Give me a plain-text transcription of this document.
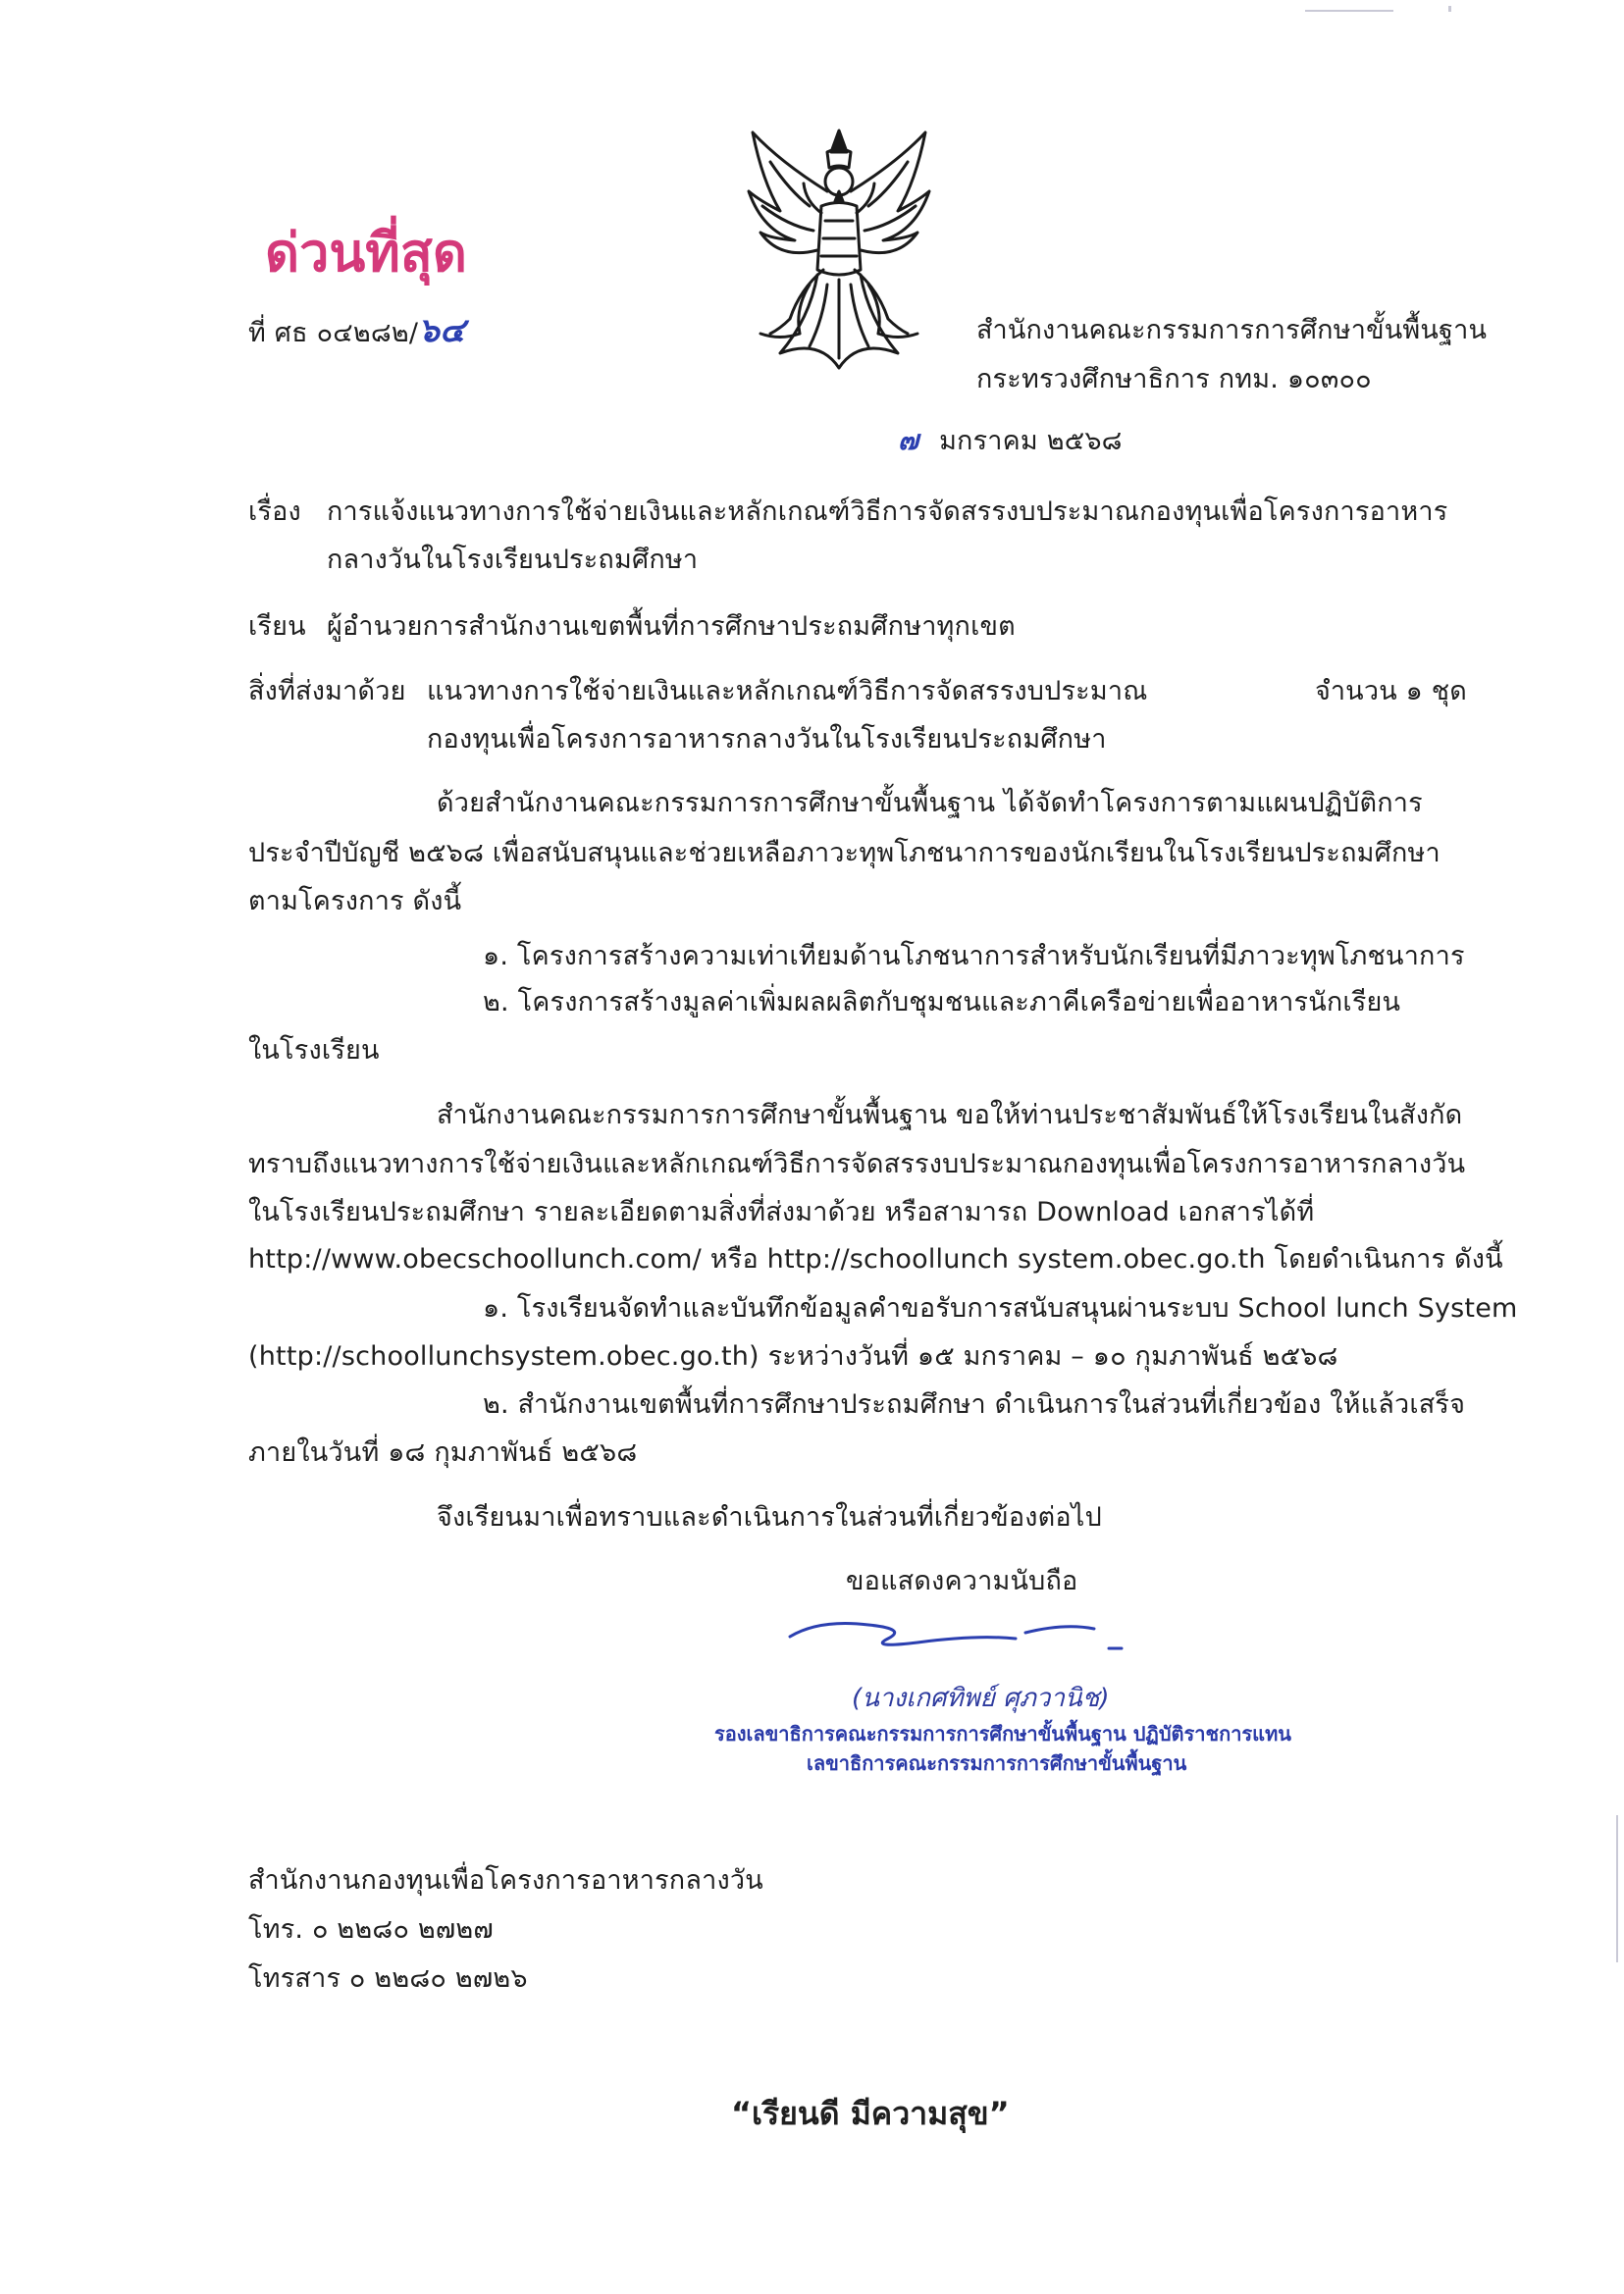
ด่วนที่สุด
ที่ ศธ ๐๔๒๘๒/๖๔	สำนักงานคณะกรรมการการศึกษาขั้นพื้นฐาน
กระทรวงศึกษาธิการ กทม. ๑๐๓๐๐
๗ มกราคม ๒๕๖๘
เรื่อง การแจ้งแนวทางการใช้จ่ายเงินและหลักเกณฑ์วิธีการจัดสรรงบประมาณกองทุนเพื่อโครงการอาหาร
กลางวันในโรงเรียนประถมศึกษา
เรียน ผู้อำนวยการสำนักงานเขตพื้นที่การศึกษาประถมศึกษาทุกเขต
สิ่งที่ส่งมาด้วย แนวทางการใช้จ่ายเงินและหลักเกณฑ์วิธีการจัดสรรงบประมาณ	จำนวน ๑ ชุด
กองทุนเพื่อโครงการอาหารกลางวันในโรงเรียนประถมศึกษา
ด้วยสำนักงานคณะกรรมการการศึกษาขั้นพื้นฐาน ได้จัดทำโครงการตามแผนปฏิบัติการ
ประจำปีบัญชี ๒๕๖๘ เพื่อสนับสนุนและช่วยเหลือภาวะทุพโภชนาการของนักเรียนในโรงเรียนประถมศึกษา
ตามโครงการ ดังนี้
๑. โครงการสร้างความเท่าเทียมด้านโภชนาการสำหรับนักเรียนที่มีภาวะทุพโภชนาการ
๒. โครงการสร้างมูลค่าเพิ่มผลผลิตกับชุมชนและภาคีเครือข่ายเพื่ออาหารนักเรียน
ในโรงเรียน
สำนักงานคณะกรรมการการศึกษาขั้นพื้นฐาน ขอให้ท่านประชาสัมพันธ์ให้โรงเรียนในสังกัด
ทราบถึงแนวทางการใช้จ่ายเงินและหลักเกณฑ์วิธีการจัดสรรงบประมาณกองทุนเพื่อโครงการอาหารกลางวัน
ในโรงเรียนประถมศึกษา รายละเอียดตามสิ่งที่ส่งมาด้วย หรือสามารถ Download เอกสารได้ที่
http://www.obecschoollunch.com/ หรือ http://schoollunch system.obec.go.th โดยดำเนินการ ดังนี้
๑. โรงเรียนจัดทำและบันทึกข้อมูลคำขอรับการสนับสนุนผ่านระบบ School lunch System
(http://schoollunchsystem.obec.go.th) ระหว่างวันที่ ๑๕ มกราคม – ๑๐ กุมภาพันธ์ ๒๕๖๘
๒. สำนักงานเขตพื้นที่การศึกษาประถมศึกษา ดำเนินการในส่วนที่เกี่ยวข้อง ให้แล้วเสร็จ
ภายในวันที่ ๑๘ กุมภาพันธ์ ๒๕๖๘
จึงเรียนมาเพื่อทราบและดำเนินการในส่วนที่เกี่ยวข้องต่อไป
ขอแสดงความนับถือ
(นางเกศทิพย์ ศุภวานิช)
รองเลขาธิการคณะกรรมการการศึกษาขั้นพื้นฐาน ปฏิบัติราชการแทน
เลขาธิการคณะกรรมการการศึกษาขั้นพื้นฐาน
สำนักงานกองทุนเพื่อโครงการอาหารกลางวัน
โทร. ๐ ๒๒๘๐ ๒๗๒๗
โทรสาร ๐ ๒๒๘๐ ๒๗๒๖
“เรียนดี มีความสุข”
